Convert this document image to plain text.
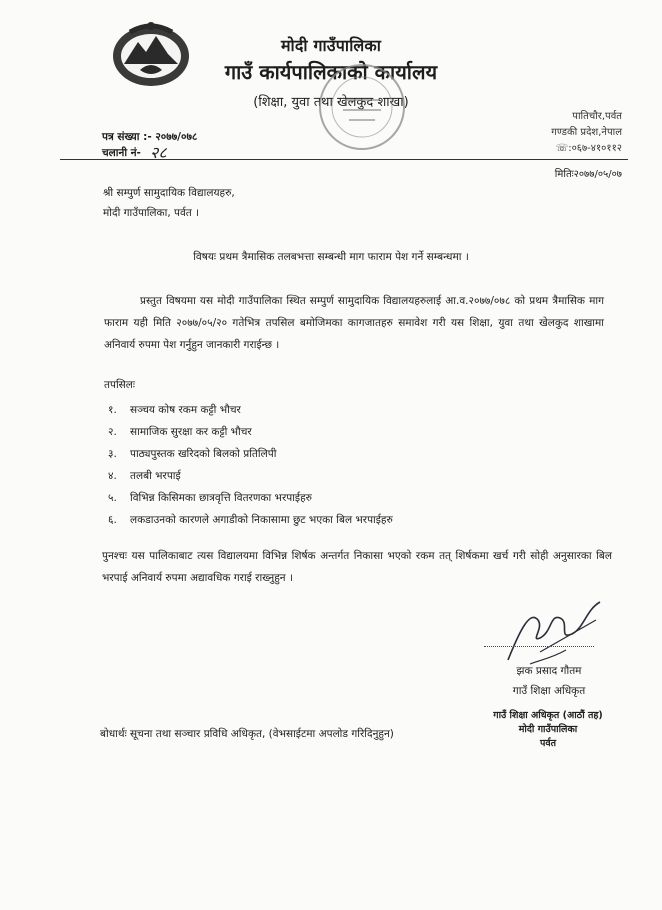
मोदी गाउँपालिका
गाउँ कार्यपालिकाको कार्यालय
(शिक्षा, युवा तथा खेलकुद शाखा)
पातिचौर,पर्वत
गण्डकी प्रदेश,नेपाल
☏:०६७-४१०११२
पत्र संख्या :- २०७७/०७८
चलानी नं- २८
मितिः२०७७/०५/०७
श्री सम्पुर्ण सामुदायिक विद्यालयहरु,
मोदी गाउँपालिका, पर्वत ।
विषयः प्रथम त्रैमासिक तलबभत्ता सम्बन्धी माग फाराम पेश गर्ने सम्बन्धमा ।
प्रस्तुत विषयमा यस मोदी गाउँपालिका स्थित सम्पुर्ण सामुदायिक विद्यालयहरुलाई आ.व.२०७७/०७८ को प्रथम त्रैमासिक माग फाराम यही मिति २०७७/०५/२० गतेभित्र तपसिल बमोजिमका कागजातहरु समावेश गरी यस शिक्षा, युवा तथा खेलकुद शाखामा अनिवार्य रुपमा पेश गर्नुहुन जानकारी गराईन्छ ।
तपसिलः
१. सञ्चय कोष रकम कट्टी भौचर
२. सामाजिक सुरक्षा कर कट्टी भौचर
३. पाठ्यपुस्तक खरिदको बिलको प्रतिलिपी
४. तलबी भरपाई
५. विभिन्न किसिमका छात्रवृत्ति वितरणका भरपाईहरु
६. लकडाउनको कारणले अगाडीको निकासामा छुट भएका बिल भरपाईहरु
पुनश्चः यस पालिकाबाट त्यस विद्यालयमा विभिन्न शिर्षक अन्तर्गत निकासा भएको रकम तत् शिर्षकमा खर्च गरी सोही अनुसारका बिल भरपाई अनिवार्य रुपमा अद्यावधिक गराई राख्नुहुन ।
झक प्रसाद गौतम
गाउँ शिक्षा अधिकृत
गाउँ शिक्षा अधिकृत (आठौं तह)
मोदी गाउँपालिका
पर्वत
बोधार्थः सूचना तथा सञ्चार प्रविधि अधिकृत, (वेभसाईटमा अपलोड गरिदिनुहुन)
